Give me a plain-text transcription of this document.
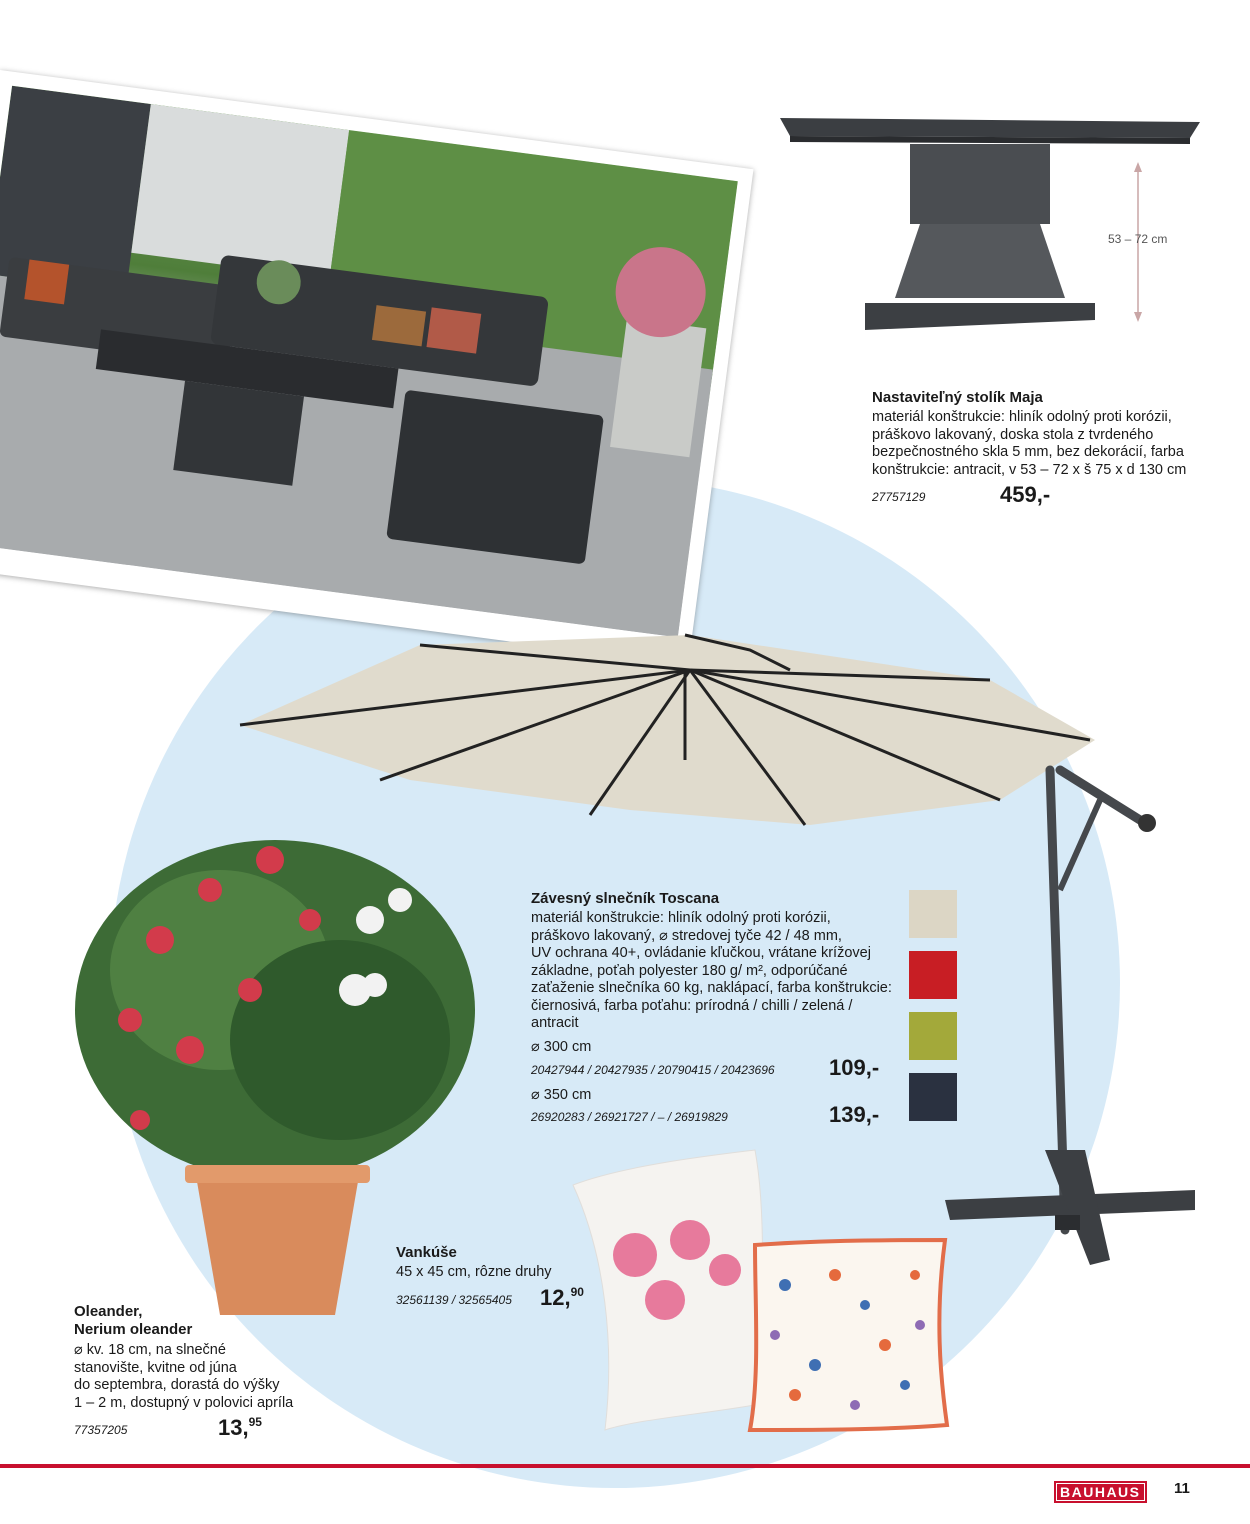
53 – 72 cm
Nastaviteľný stolík Maja
materiál konštrukcie: hliník odolný proti korózii,
práškovo lakovaný, doska stola z tvrdeného
bezpečnostného skla 5 mm, bez dekorácií, farba
konštrukcie: antracit, v 53 – 72 x š 75 x d 130 cm
27757129	459,-
Závesný slnečník Toscana
materiál konštrukcie: hliník odolný proti korózii,
práškovo lakovaný, ⌀ stredovej tyče 42 / 48 mm,
UV ochrana 40+, ovládanie kľučkou, vrátane krížovej
základne, poťah polyester 180 g/ m², odporúčané
zaťaženie slnečníka 60 kg, naklápací, farba konštrukcie:
čiernosivá, farba poťahu: prírodná / chilli / zelená /
antracit
⌀ 300 cm
20427944 / 20427935 / 20790415 / 20423696 109,-
⌀ 350 cm
26920283 / 26921727 / – / 26919829	139,-
Vankúše
45 x 45 cm, rôzne druhy
32561139 / 32565405 12,90
Oleander,
Nerium oleander
⌀ kv. 18 cm, na slnečné
stanovište, kvitne od júna
do septembra, dorastá do výšky
1 – 2 m, dostupný v polovici apríla
77357205	13,95
BAUHAUS	11
